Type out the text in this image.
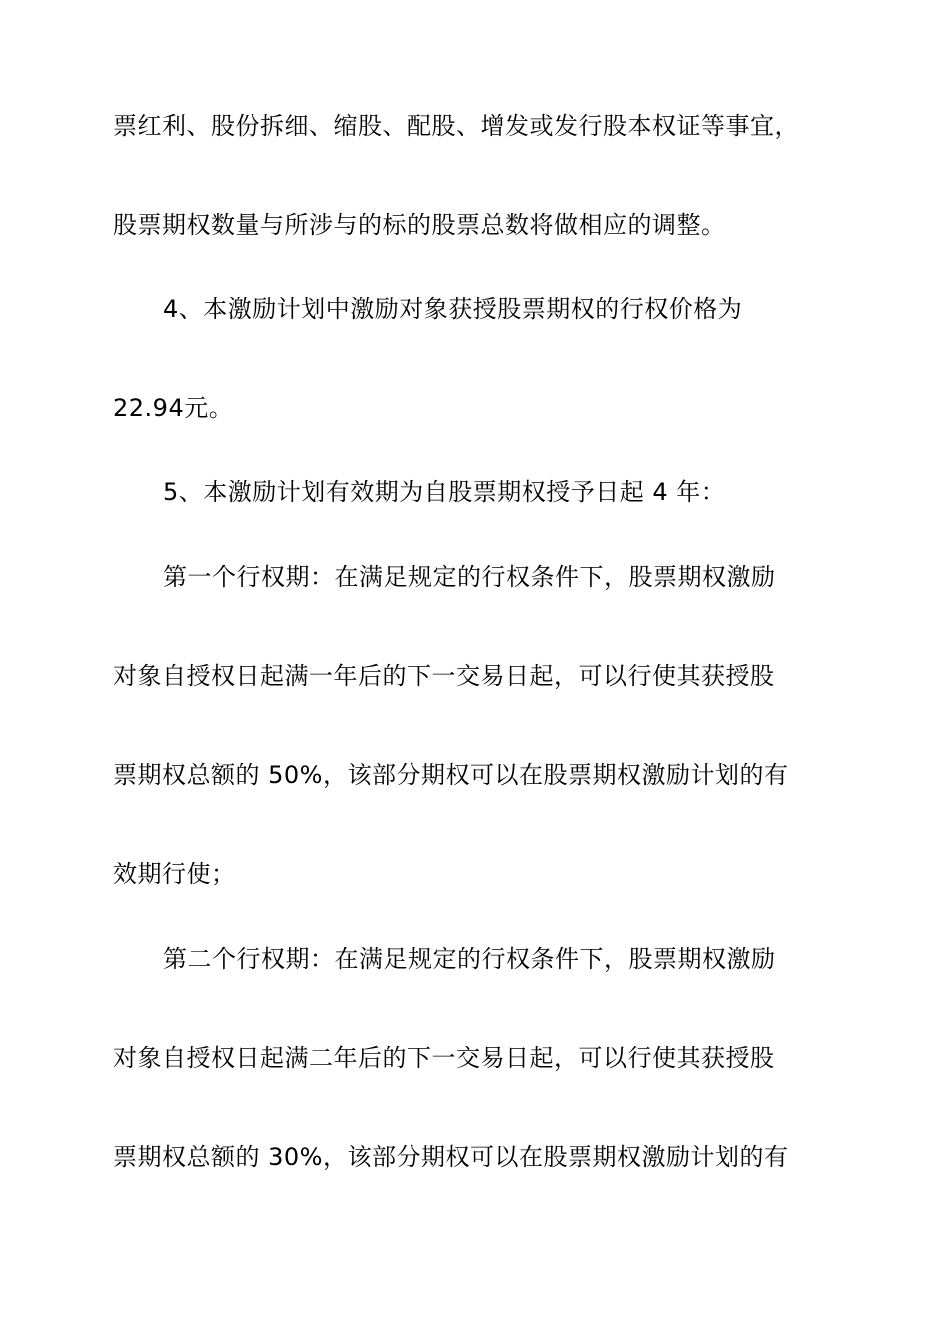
票红利、股份拆细、缩股、配股、增发或发行股本权证等事宜，
股票期权数量与所涉与的标的股票总数将做相应的调整。
4、本激励计划中激励对象获授股票期权的行权价格为
22.94元。
5、本激励计划有效期为自股票期权授予日起 4 年：
第一个行权期：在满足规定的行权条件下，股票期权激励
对象自授权日起满一年后的下一交易日起，可以行使其获授股
票期权总额的 50%，该部分期权可以在股票期权激励计划的有
效期行使；
第二个行权期：在满足规定的行权条件下，股票期权激励
对象自授权日起满二年后的下一交易日起，可以行使其获授股
票期权总额的 30%，该部分期权可以在股票期权激励计划的有
